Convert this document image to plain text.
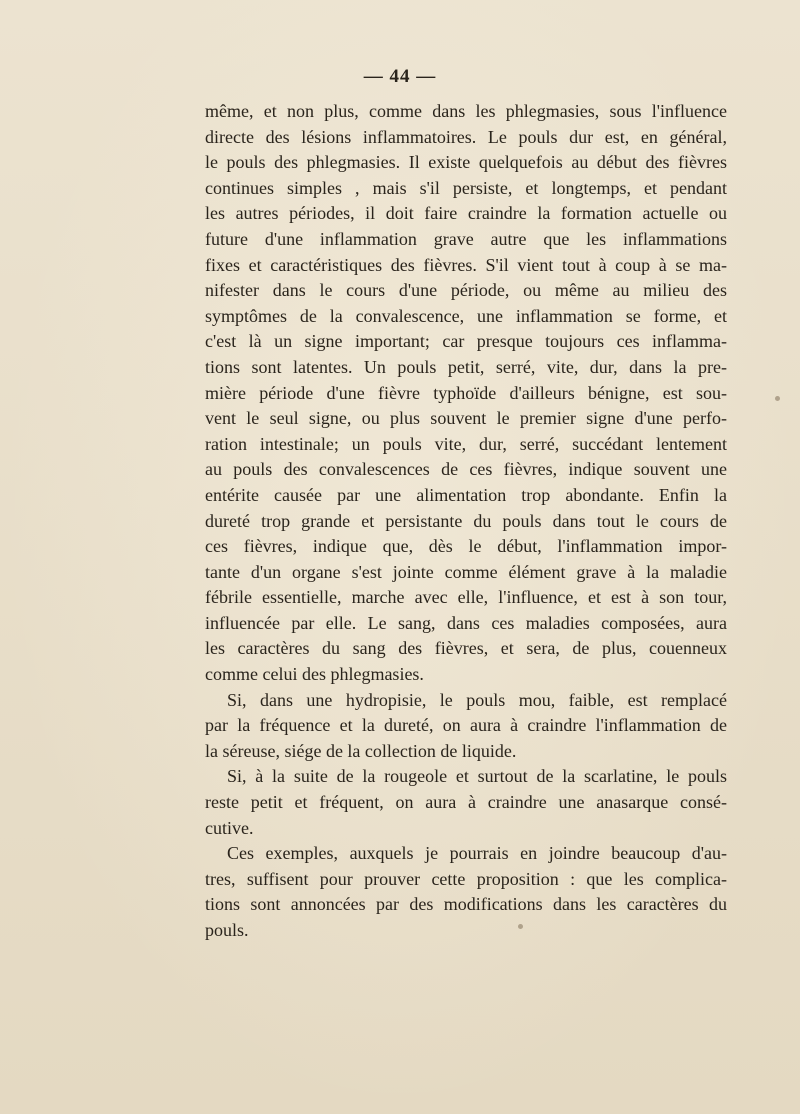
— 44 —
même, et non plus, comme dans les phlegmasies, sous l'influence
directe des lésions inflammatoires. Le pouls dur est, en général,
le pouls des phlegmasies. Il existe quelquefois au début des fièvres
continues simples , mais s'il persiste, et longtemps, et pendant
les autres périodes, il doit faire craindre la formation actuelle ou
future d'une inflammation grave autre que les inflammations
fixes et caractéristiques des fièvres. S'il vient tout à coup à se ma-
nifester dans le cours d'une période, ou même au milieu des
symptômes de la convalescence, une inflammation se forme, et
c'est là un signe important; car presque toujours ces inflamma-
tions sont latentes. Un pouls petit, serré, vite, dur, dans la pre-
mière période d'une fièvre typhoïde d'ailleurs bénigne, est sou-
vent le seul signe, ou plus souvent le premier signe d'une perfo-
ration intestinale; un pouls vite, dur, serré, succédant lentement
au pouls des convalescences de ces fièvres, indique souvent une
entérite causée par une alimentation trop abondante. Enfin la
dureté trop grande et persistante du pouls dans tout le cours de
ces fièvres, indique que, dès le début, l'inflammation impor-
tante d'un organe s'est jointe comme élément grave à la maladie
fébrile essentielle, marche avec elle, l'influence, et est à son tour,
influencée par elle. Le sang, dans ces maladies composées, aura
les caractères du sang des fièvres, et sera, de plus, couenneux
comme celui des phlegmasies.
Si, dans une hydropisie, le pouls mou, faible, est remplacé
par la fréquence et la dureté, on aura à craindre l'inflammation de
la séreuse, siége de la collection de liquide.
Si, à la suite de la rougeole et surtout de la scarlatine, le pouls
reste petit et fréquent, on aura à craindre une anasarque consé-
cutive.
Ces exemples, auxquels je pourrais en joindre beaucoup d'au-
tres, suffisent pour prouver cette proposition : que les complica-
tions sont annoncées par des modifications dans les caractères du
pouls.
